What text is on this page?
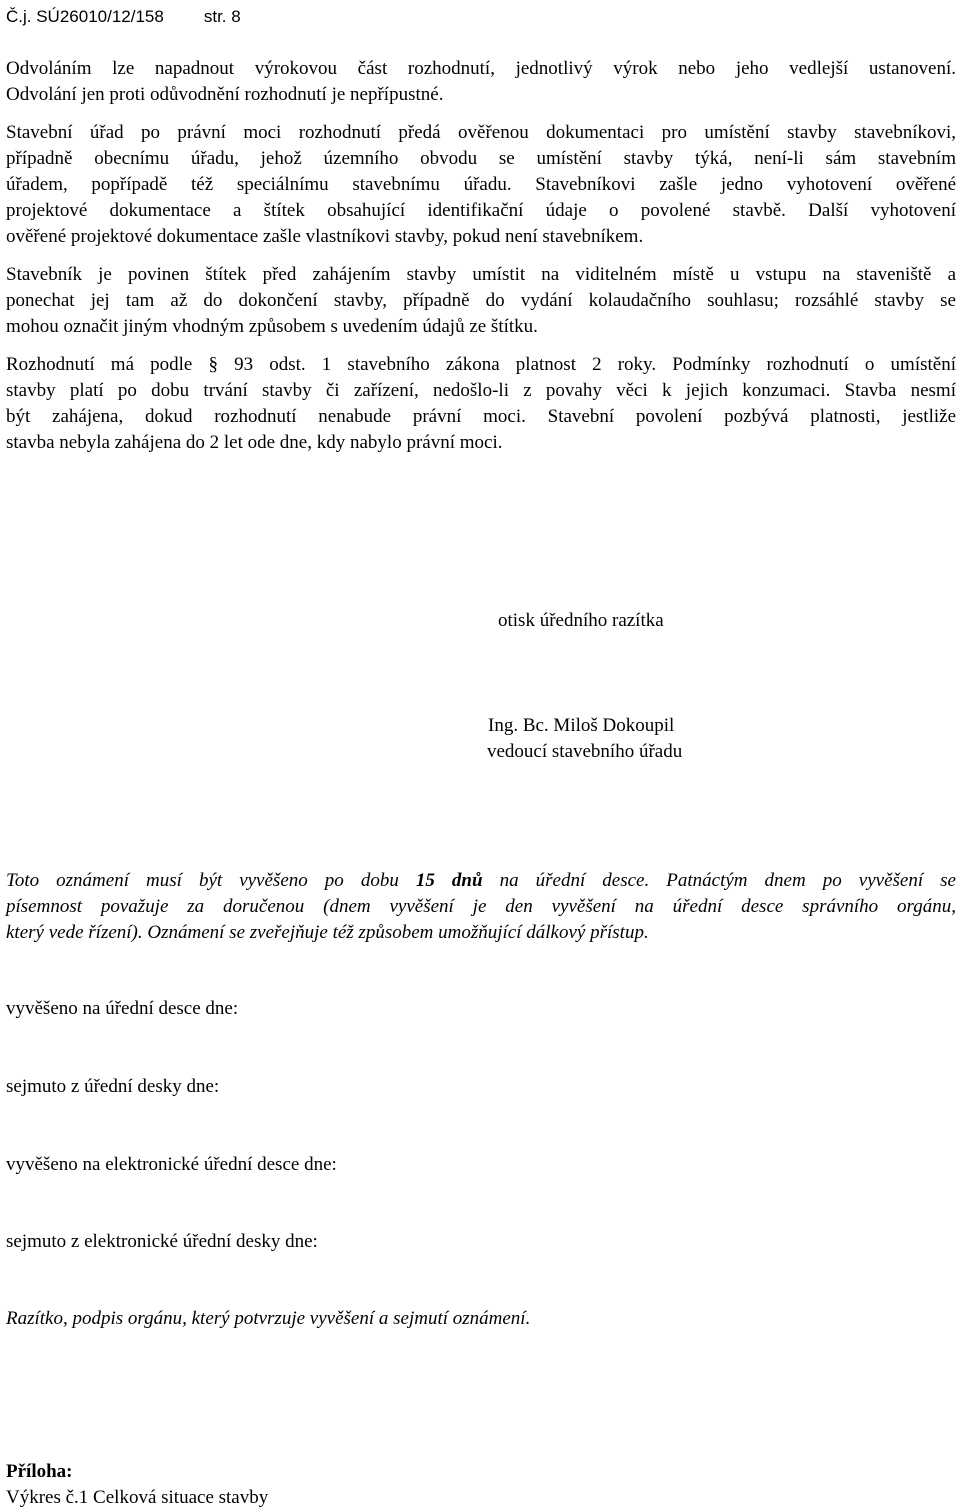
Č.j. SÚ26010/12/158 str. 8
Odvoláním lze napadnout výrokovou část rozhodnutí, jednotlivý výrok nebo jeho vedlejší ustanovení.
Odvolání jen proti odůvodnění rozhodnutí je nepřípustné.
Stavební úřad po právní moci rozhodnutí předá ověřenou dokumentaci pro umístění stavby stavebníkovi,
případně obecnímu úřadu, jehož územního obvodu se umístění stavby týká, není-li sám stavebním
úřadem, popřípadě též speciálnímu stavebnímu úřadu. Stavebníkovi zašle jedno vyhotovení ověřené
projektové dokumentace a štítek obsahující identifikační údaje o povolené stavbě. Další vyhotovení
ověřené projektové dokumentace zašle vlastníkovi stavby, pokud není stavebníkem.
Stavebník je povinen štítek před zahájením stavby umístit na viditelném místě u vstupu na staveniště a
ponechat jej tam až do dokončení stavby, případně do vydání kolaudačního souhlasu; rozsáhlé stavby se
mohou označit jiným vhodným způsobem s uvedením údajů ze štítku.
Rozhodnutí má podle § 93 odst. 1 stavebního zákona platnost 2 roky. Podmínky rozhodnutí o umístění
stavby platí po dobu trvání stavby či zařízení, nedošlo-li z povahy věci k jejich konzumaci. Stavba nesmí
být zahájena, dokud rozhodnutí nenabude právní moci. Stavební povolení pozbývá platnosti, jestliže
stavba nebyla zahájena do 2 let ode dne, kdy nabylo právní moci.
otisk úředního razítka
Ing. Bc. Miloš Dokoupil
vedoucí stavebního úřadu
Toto oznámení musí být vyvěšeno po dobu 15 dnů na úřední desce. Patnáctým dnem po vyvěšení se
písemnost považuje za doručenou (dnem vyvěšení je den vyvěšení na úřední desce správního orgánu,
který vede řízení). Oznámení se zveřejňuje též způsobem umožňující dálkový přístup.
vyvěšeno na úřední desce dne:
sejmuto z úřední desky dne:
vyvěšeno na elektronické úřední desce dne:
sejmuto z elektronické úřední desky dne:
Razítko, podpis orgánu, který potvrzuje vyvěšení a sejmutí oznámení.
Příloha:
Výkres č.1 Celková situace stavby
